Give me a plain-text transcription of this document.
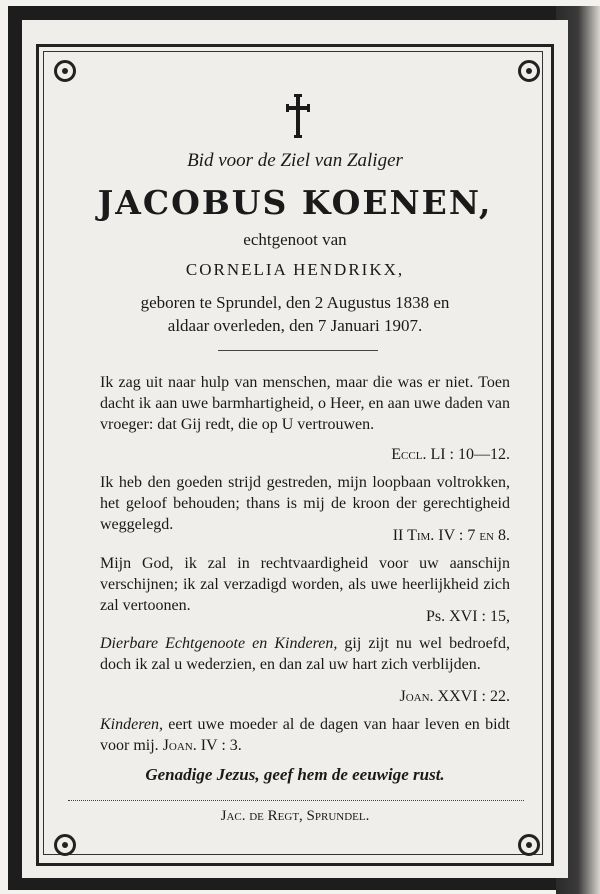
Bid voor de Ziel van Zaliger
JACOBUS KOENEN,
echtgenoot van
CORNELIA HENDRIKX,
geboren te Sprundel, den 2 Augustus 1838 en
aldaar overleden, den 7 Januari 1907.
Ik zag uit naar hulp van menschen, maar die was er niet. Toen dacht ik aan uwe barmhartigheid, o Heer, en aan uwe daden van vroeger: dat Gij redt, die op U vertrouwen.
Eccl. LI : 10—12.
Ik heb den goeden strijd gestreden, mijn loopbaan voltrokken, het geloof behouden; thans is mij de kroon der gerechtigheid weggelegd.
II Tim. IV : 7 en 8.
Mijn God, ik zal in rechtvaardigheid voor uw aanschijn verschijnen; ik zal verzadigd worden, als uwe heerlijkheid zich zal vertoonen.
Ps. XVI : 15,
Dierbare Echtgenoote en Kinderen, gij zijt nu wel bedroefd, doch ik zal u wederzien, en dan zal uw hart zich verblijden.
Joan. XXVI : 22.
Kinderen, eert uwe moeder al de dagen van haar leven en bidt voor mij. Joan. IV : 3.
Genadige Jezus, geef hem de eeuwige rust.
Jac. de Regt, Sprundel.
